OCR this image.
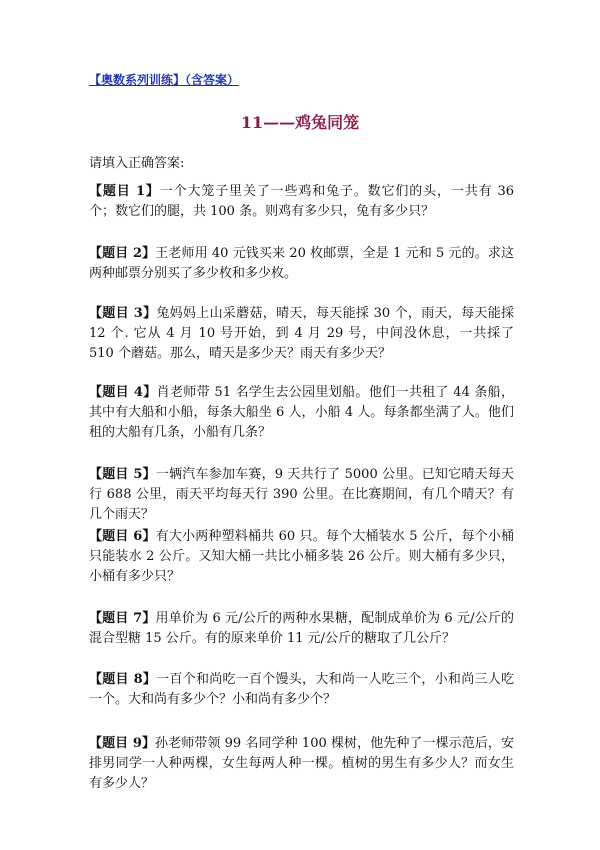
【奥数系列训练】（含答案）
11——鸡兔同笼
请填入正确答案:
【题目 1】一个大笼子里关了一些鸡和兔子。数它们的头，一共有 36 个；数它们的腿，共 100 条。则鸡有多少只，兔有多少只？
【题目 2】王老师用 40 元钱买来 20 枚邮票，全是 1 元和 5 元的。求这两种邮票分别买了多少枚和多少枚。
【题目 3】兔妈妈上山采蘑菇，晴天，每天能採 30 个，雨天，每天能採 12 个. 它从 4 月 10 号开始，到 4 月 29 号，中间没休息，一共採了 510 个蘑菇。那么，晴天是多少天？雨天有多少天？
【题目 4】肖老师带 51 名学生去公园里划船。他们一共租了 44 条船，其中有大船和小船，每条大船坐 6 人，小船 4 人。每条都坐满了人。他们租的大船有几条，小船有几条？
【题目 5】一辆汽车参加车赛，9 天共行了 5000 公里。已知它晴天每天行 688 公里，雨天平均每天行 390 公里。在比赛期间，有几个晴天？有几个雨天？
【题目 6】有大小两种塑料桶共 60 只。每个大桶装水 5 公斤，每个小桶只能装水 2 公斤。又知大桶一共比小桶多装 26 公斤。则大桶有多少只，小桶有多少只？
【题目 7】用单价为 6 元/公斤的两种水果糖，配制成单价为 6 元/公斤的混合型糖 15 公斤。有的原来单价 11 元/公斤的糖取了几公斤？
【题目 8】一百个和尚吃一百个馒头，大和尚一人吃三个，小和尚三人吃一个。大和尚有多少个？小和尚有多少个？
【题目 9】孙老师带领 99 名同学种 100 棵树，他先种了一棵示范后，安排男同学一人种两棵，女生每两人种一棵。植树的男生有多少人？而女生有多少人？
